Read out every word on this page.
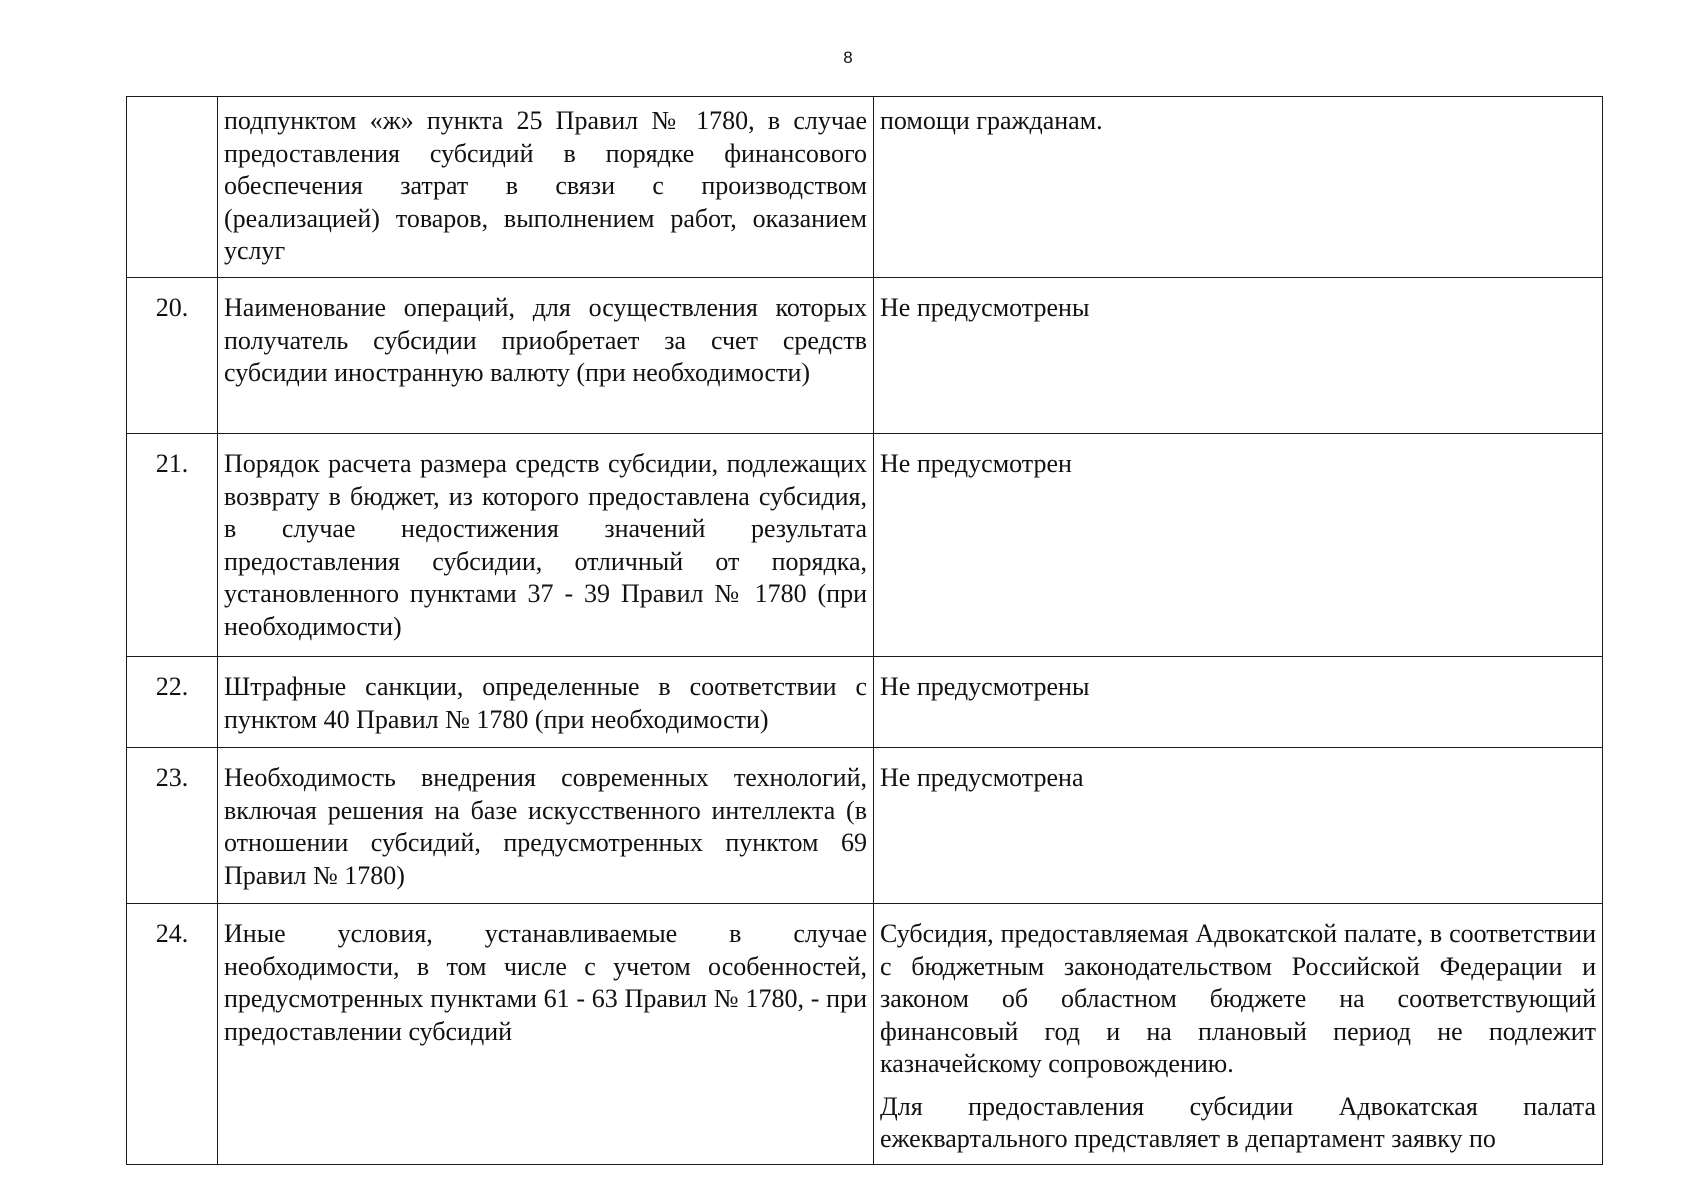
8
	подпунктом «ж» пункта 25 Правил № 1780, в случае предоставления субсидий в порядке финансового обеспечения затрат в связи с производством (реализацией) товаров, выполнением работ, оказанием услуг	помощи гражданам.

20.	Наименование операций, для осуществления которых получатель субсидии приобретает за счет средств субсидии иностранную валюту (при необходимости)	Не предусмотрены

21.	Порядок расчета размера средств субсидии, подлежащих возврату в бюджет, из которого предоставлена субсидия, в случае недостижения значений результата предоставления субсидии, отличный от порядка, установленного пунктами 37 - 39 Правил № 1780 (при необходимости)	Не предусмотрен

22.	Штрафные санкции, определенные в соответствии с пунктом 40 Правил № 1780 (при необходимости)	Не предусмотрены

23.	Необходимость внедрения современных технологий, включая решения на базе искусственного интеллекта (в отношении субсидий, предусмотренных пунктом 69 Правил № 1780)	Не предусмотрена

24.	Иные условия, устанавливаемые в случае необходимости, в том числе с учетом особенностей, предусмотренных пунктами 61 - 63 Правил № 1780, - при предоставлении субсидий	Субсидия, предоставляемая Адвокатской палате, в соответствии с бюджетным законодательством Российской Федерации и законом об областном бюджете на соответствующий финансовый год и на плановый период не подлежит казначейскому сопровождению.

Для предоставления субсидии Адвокатская палата ежеквартального представляет в департамент заявку по
